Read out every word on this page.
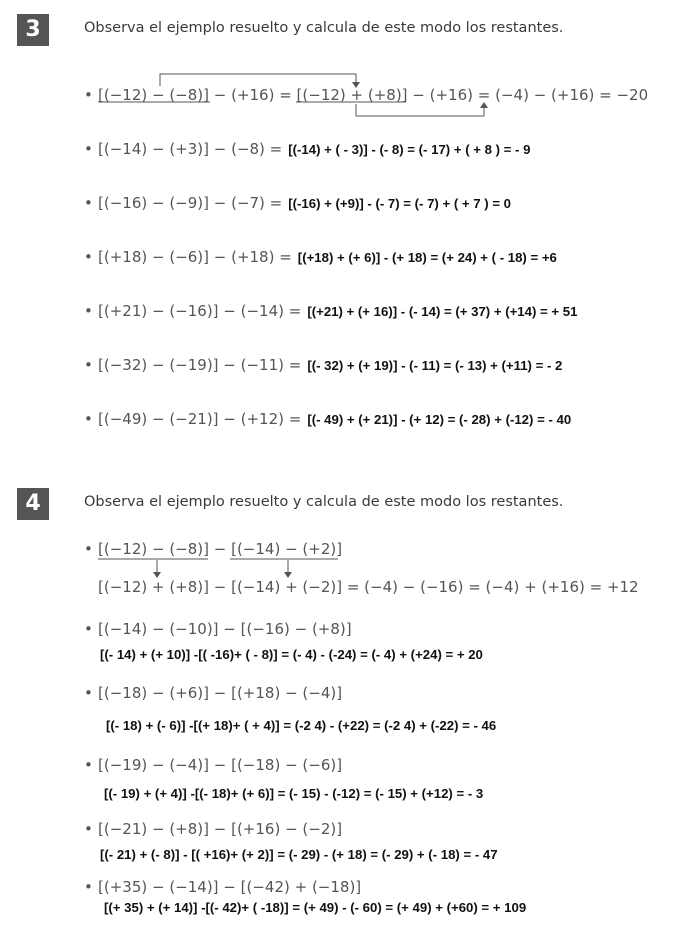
3	Observa el ejemplo resuelto y calcula de este modo los restantes.
• [(−12) − (−8)] − (+16) = [(−12) + (+8)] − (+16) = (−4) − (+16) = −20
• [(−14) − (+3)] − (−8) = [(-14) + ( - 3)] - (- 8) = (- 17) + ( + 8 ) = - 9
• [(−16) − (−9)] − (−7) = [(-16) + (+9)] - (- 7) = (- 7) + ( + 7 ) = 0
• [(+18) − (−6)] − (+18) = [(+18) + (+ 6)] - (+ 18) = (+ 24) + ( - 18) = +6
• [(+21) − (−16)] − (−14) = [(+21) + (+ 16)] - (- 14) = (+ 37) + (+14) = + 51
• [(−32) − (−19)] − (−11) = [(- 32) + (+ 19)] - (- 11) = (- 13) + (+11) = - 2
• [(−49) − (−21)] − (+12) = [(- 49) + (+ 21)] - (+ 12) = (- 28) + (-12) = - 40
4	Observa el ejemplo resuelto y calcula de este modo los restantes.
• [(−12) − (−8)] − [(−14) − (+2)]
[(−12) + (+8)] − [(−14) + (−2)] = (−4) − (−16) = (−4) + (+16) = +12
• [(−14) − (−10)] − [(−16) − (+8)]
[(- 14) + (+ 10)] -[( -16)+ ( - 8)] = (- 4) - (-24) = (- 4) + (+24) = + 20
• [(−18) − (+6)] − [(+18) − (−4)]
[(- 18) + (- 6)] -[(+ 18)+ ( + 4)] = (-2 4) - (+22) = (-2 4) + (-22) = - 46
• [(−19) − (−4)] − [(−18) − (−6)]
[(- 19) + (+ 4)] -[(- 18)+ (+ 6)] = (- 15) - (-12) = (- 15) + (+12) = - 3
• [(−21) − (+8)] − [(+16) − (−2)]
[(- 21) + (- 8)] - [( +16)+ (+ 2)] = (- 29) - (+ 18) = (- 29) + (- 18) = - 47
• [(+35) − (−14)] − [(−42) + (−18)]
[(+ 35) + (+ 14)] -[(- 42)+ ( -18)] = (+ 49) - (- 60) = (+ 49) + (+60) = + 109
